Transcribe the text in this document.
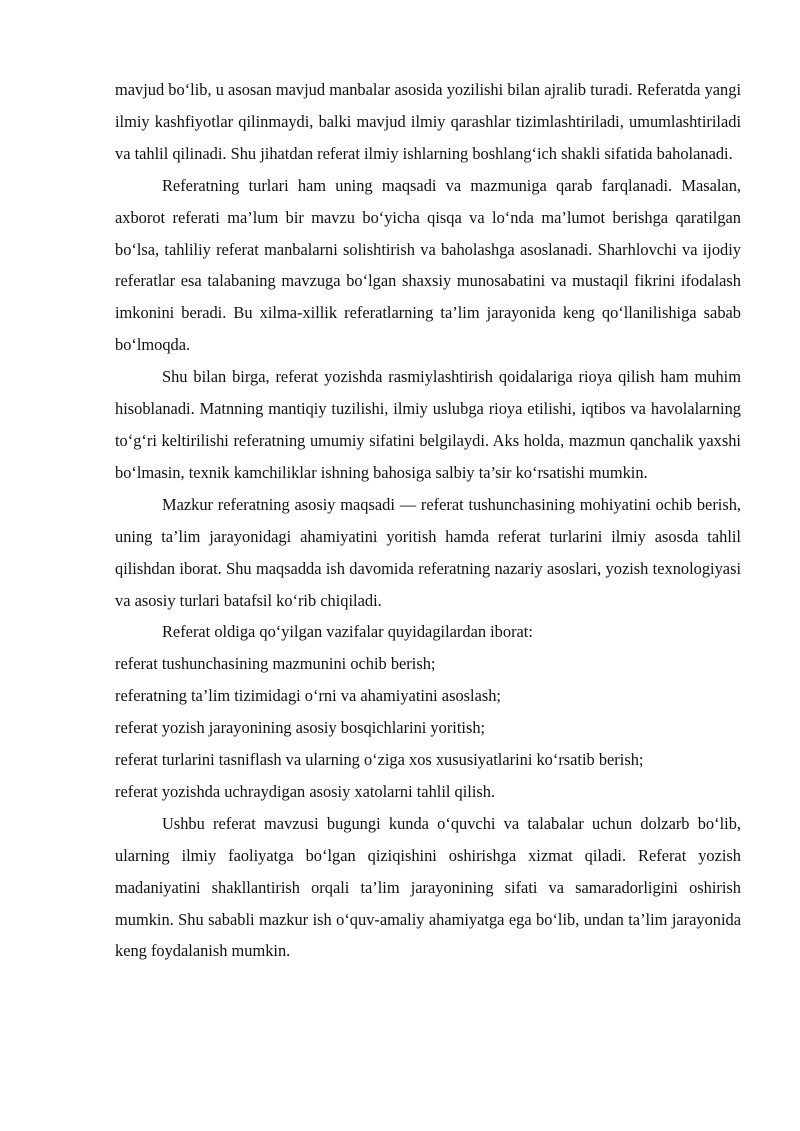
mavjud bo‘lib, u asosan mavjud manbalar asosida yozilishi bilan ajralib turadi. Referatda yangi ilmiy kashfiyotlar qilinmaydi, balki mavjud ilmiy qarashlar tizimlashtiriladi, umumlashtiriladi va tahlil qilinadi. Shu jihatdan referat ilmiy ishlarning boshlang‘ich shakli sifatida baholanadi.

Referatning turlari ham uning maqsadi va mazmuniga qarab farqlanadi. Masalan, axborot referati ma’lum bir mavzu bo‘yicha qisqa va lo‘nda ma’lumot berishga qaratilgan bo‘lsa, tahliliy referat manbalarni solishtirish va baholashga asoslanadi. Sharhlovchi va ijodiy referatlar esa talabaning mavzuga bo‘lgan shaxsiy munosabatini va mustaqil fikrini ifodalash imkonini beradi. Bu xilma-xillik referatlarning ta’lim jarayonida keng qo‘llanilishiga sabab bo‘lmoqda.

Shu bilan birga, referat yozishda rasmiylashtirish qoidalariga rioya qilish ham muhim hisoblanadi. Matnning mantiqiy tuzilishi, ilmiy uslubga rioya etilishi, iqtibos va havolalarning to‘g‘ri keltirilishi referatning umumiy sifatini belgilaydi. Aks holda, mazmun qanchalik yaxshi bo‘lmasin, texnik kamchiliklar ishning bahosiga salbiy ta’sir ko‘rsatishi mumkin.

Mazkur referatning asosiy maqsadi — referat tushunchasining mohiyatini ochib berish, uning ta’lim jarayonidagi ahamiyatini yoritish hamda referat turlarini ilmiy asosda tahlil qilishdan iborat. Shu maqsadda ish davomida referatning nazariy asoslari, yozish texnologiyasi va asosiy turlari batafsil ko‘rib chiqiladi.

Referat oldiga qo‘yilgan vazifalar quyidagilardan iborat:

referat tushunchasining mazmunini ochib berish;

referatning ta’lim tizimidagi o‘rni va ahamiyatini asoslash;

referat yozish jarayonining asosiy bosqichlarini yoritish;

referat turlarini tasniflash va ularning o‘ziga xos xususiyatlarini ko‘rsatib berish;

referat yozishda uchraydigan asosiy xatolarni tahlil qilish.

Ushbu referat mavzusi bugungi kunda o‘quvchi va talabalar uchun dolzarb bo‘lib, ularning ilmiy faoliyatga bo‘lgan qiziqishini oshirishga xizmat qiladi. Referat yozish madaniyatini shakllantirish orqali ta’lim jarayonining sifati va samaradorligini oshirish mumkin. Shu sababli mazkur ish o‘quv-amaliy ahamiyatga ega bo‘lib, undan ta’lim jarayonida keng foydalanish mumkin.
